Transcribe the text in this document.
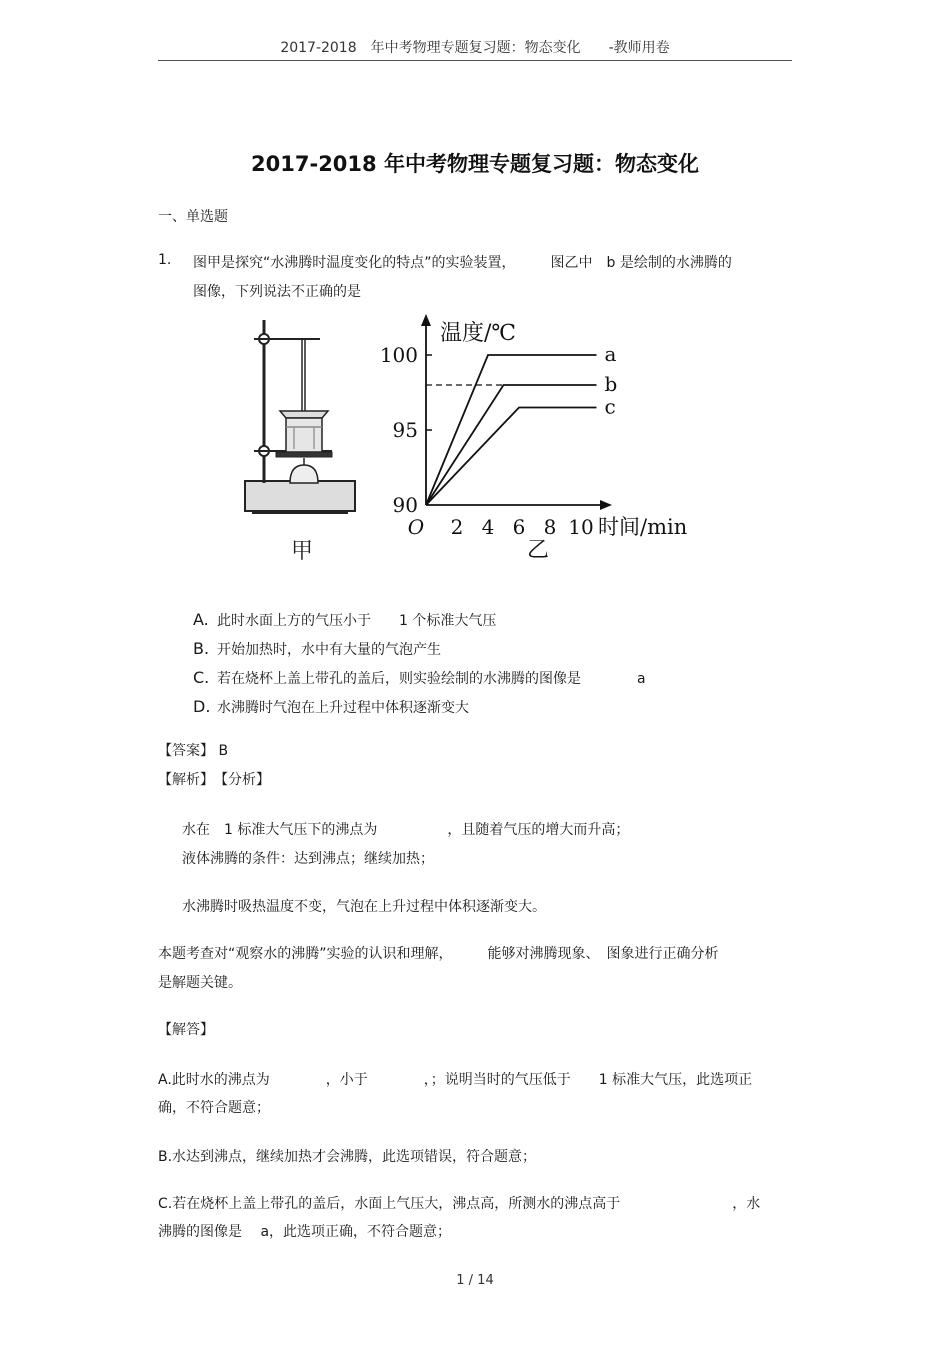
2017-2018　年中考物理专题复习题：物态变化　　-教师用卷
2017-2018 年中考物理专题复习题：物态变化
一、单选题
1. 图甲是探究“水沸腾时温度变化的特点”的实验装置，　　　图乙中　b 是绘制的水沸腾的
图像，下列说法不正确的是
甲
2 4 6 8 10
90
95
100	a
b
c
温度/℃
时间/min
O
乙
A. 此时水面上方的气压小于　　1 个标准大气压
B. 开始加热时，水中有大量的气泡产生
C. 若在烧杯上盖上带孔的盖后，则实验绘制的水沸腾的图像是　　　　a
D. 水沸腾时气泡在上升过程中体积逐渐变大
【答案】 B
【解析】　【分析】
水在　1 标准大气压下的沸点为　　　　　，且随着气压的增大而升高；
液体沸腾的条件：达到沸点；继续加热；
水沸腾时吸热温度不变，气泡在上升过程中体积逐渐变大。
本题考查对“观察水的沸腾”实验的认识和理解，　　　能够对沸腾现象、　图象进行正确分析
是解题关键。
【解答】
A.此时水的沸点为　　　　，小于　　　　，；说明当时的气压低于　　1 标准大气压，此选项正
确，不符合题意；
B.水达到沸点，继续加热才会沸腾，此选项错误，符合题意；
C.若在烧杯上盖上带孔的盖后，水面上气压大，沸点高，所测水的沸点高于　　　　　　　　，水
沸腾的图像是　 a，此选项正确，不符合题意；
1 / 14
